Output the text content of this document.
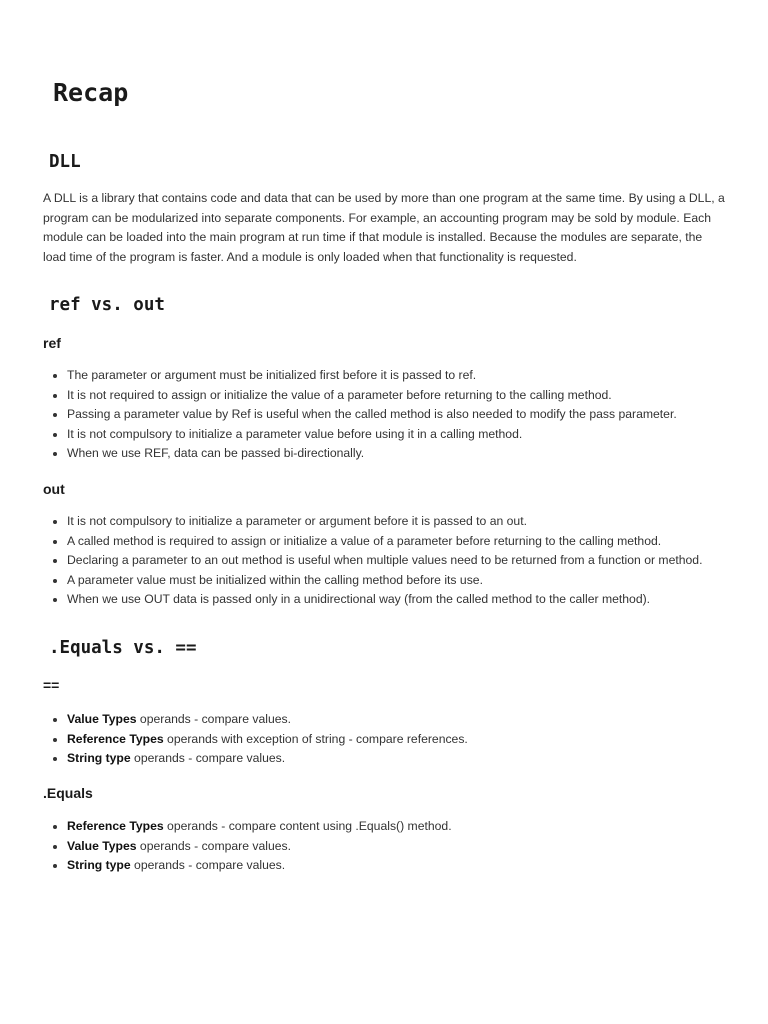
Recap
DLL

A DLL is a library that contains code and data that can be used by more than one program at the same time. By using a DLL, a program can be modularized into separate components. For example, an accounting program may be sold by module. Each module can be loaded into the main program at run time if that module is installed. Because the modules are separate, the load time of the program is faster. And a module is only loaded when that functionality is requested.

ref vs. out
ref
• The parameter or argument must be initialized first before it is passed to ref.
• It is not required to assign or initialize the value of a parameter before returning to the calling method.
• Passing a parameter value by Ref is useful when the called method is also needed to modify the pass parameter.
• It is not compulsory to initialize a parameter value before using it in a calling method.
• When we use REF, data can be passed bi-directionally.
out
• It is not compulsory to initialize a parameter or argument before it is passed to an out.
• A called method is required to assign or initialize a value of a parameter before returning to the calling method.
• Declaring a parameter to an out method is useful when multiple values need to be returned from a function or method.
• A parameter value must be initialized within the calling method before its use.
• When we use OUT data is passed only in a unidirectional way (from the called method to the caller method).
.Equals vs. ==
==
• Value Types operands - compare values.
• Reference Types operands with exception of string - compare references.
• String type operands - compare values.
.Equals
• Reference Types operands - compare content using .Equals() method.
• Value Types operands - compare values.
• String type operands - compare values.
